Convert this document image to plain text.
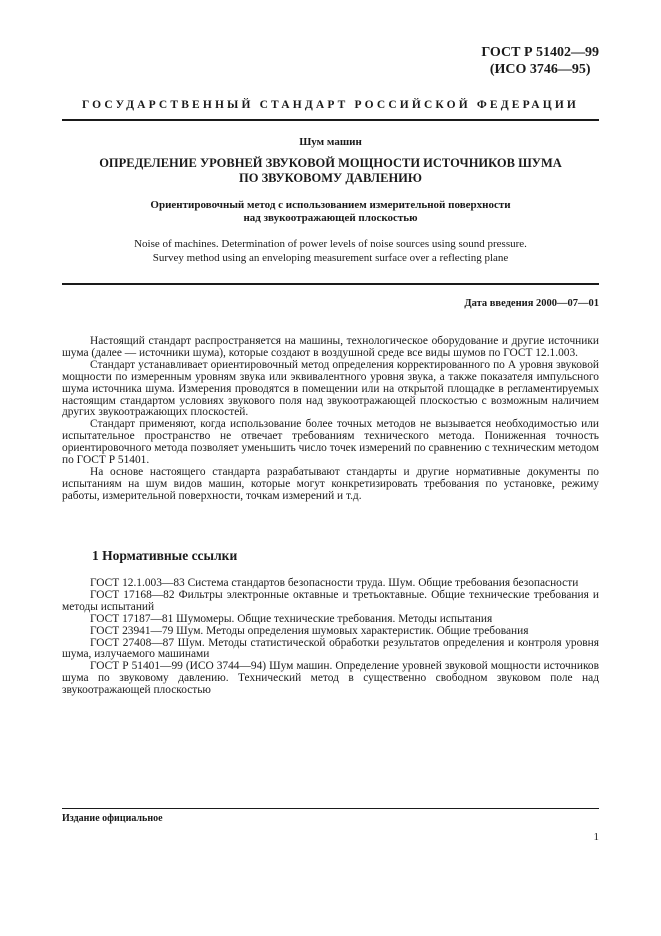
ГОСТ Р 51402—99
(ИСО 3746—95)
ГОСУДАРСТВЕННЫЙ СТАНДАРТ РОССИЙСКОЙ ФЕДЕРАЦИИ
Шум машин
ОПРЕДЕЛЕНИЕ УРОВНЕЙ ЗВУКОВОЙ МОЩНОСТИ ИСТОЧНИКОВ ШУМА
ПО ЗВУКОВОМУ ДАВЛЕНИЮ
Ориентировочный метод с использованием измерительной поверхности
над звукоотражающей плоскостью
Noise of machines. Determination of power levels of noise sources using sound pressure.
Survey method using an enveloping measurement surface over a reflecting plane
Дата введения 2000—07—01

Настоящий стандарт распространяется на машины, технологическое оборудование и другие источники шума (далее — источники шума), которые создают в воздушной среде все виды шумов по ГОСТ 12.1.003.

Стандарт устанавливает ориентировочный метод определения корректированного по А уровня звуковой мощности по измеренным уровням звука или эквивалентного уровня звука, а также показателя импульсного шума источника шума. Измерения проводятся в помещении или на открытой площадке в регламентируемых настоящим стандартом условиях звукового поля над звукоотражающей плоскостью с возможным наличием других звукоотражающих плоскостей.

Стандарт применяют, когда использование более точных методов не вызывается необходимостью или испытательное пространство не отвечает требованиям технического метода. Пониженная точность ориентировочного метода позволяет уменьшить число точек измерений по сравнению с техническим методом по ГОСТ Р 51401.

На основе настоящего стандарта разрабатывают стандарты и другие нормативные документы по испытаниям на шум видов машин, которые могут конкретизировать требования по установке, режиму работы, измерительной поверхности, точкам измерений и т.д.

1 Нормативные ссылки

ГОСТ 12.1.003—83 Система стандартов безопасности труда. Шум. Общие требования безопасности

ГОСТ 17168—82 Фильтры электронные октавные и третьоктавные. Общие технические требования и методы испытаний

ГОСТ 17187—81 Шумомеры. Общие технические требования. Методы испытания

ГОСТ 23941—79 Шум. Методы определения шумовых характеристик. Общие требования

ГОСТ 27408—87 Шум. Методы статистической обработки результатов определения и контроля уровня шума, излучаемого машинами

ГОСТ Р 51401—99 (ИСО 3744—94) Шум машин. Определение уровней звуковой мощности источников шума по звуковому давлению. Технический метод в существенно свободном звуковом поле над звукоотражающей плоскостью

Издание официальное
1
